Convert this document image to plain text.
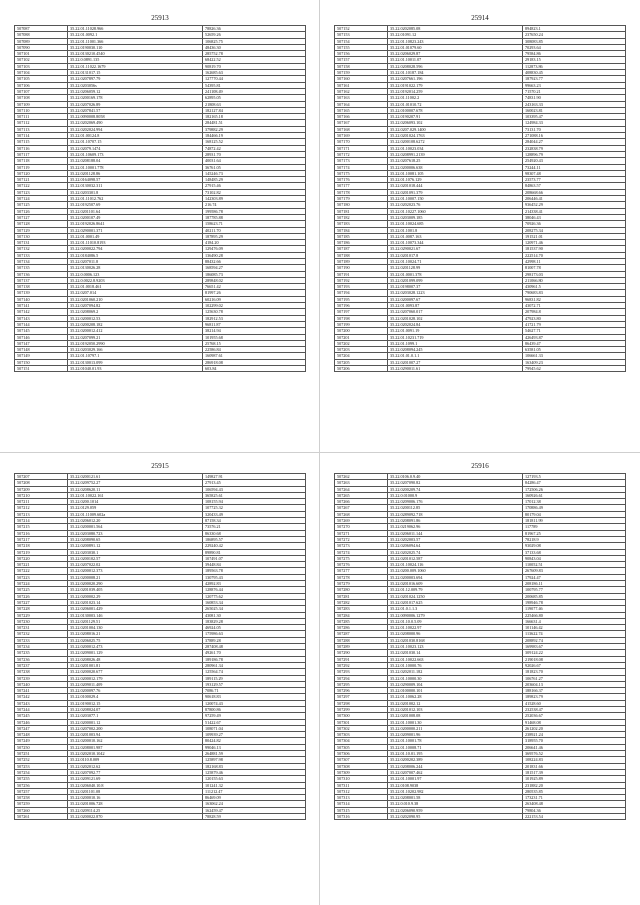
25913
507087	35.22.01.11028.966	78826.36
507088	35.22.01.0092.1	52659.26
507089	35.22.01.11001.366	106825.75
507090	35.22.0190030.110	48436.30
507101	35.22.0130210.4540	285752.78
507102	35.22.0.0891.135	68422.52
507103	35.22.01.11022.1679	90819.70
507104	35.22.0131017.15	162685.63
507105	35.22.0207897.79	127770.44
507106	35.22.0203056s	54395.81
507107	35.22.0206059.12	241108.49
507108	35.22.0200169.178	62895.05
507109	35.22.0207026.89	21808.63
507110	35.22.0207841.57	182127.84
507111	35.22.0090008.8058	182165.18
507112	35.22.0202069.490	284481.51
507113	35.22.0202024.994	379882.29
507114	35.22.01.00124.8	184466.19
507115	35.22.01.10707.15	168125.52
507116	35.22.02079.1474	74872.42
507117	35.22.01.10609.173	28931.70
507118	35.22.0208188.04	40031.64
507119	35.22.01.10001.778	36761.05
507120	35.22.0201128.86	145246.73
507121	35.22.0164098.57	148485.29
507122	35.22.0130032.311	27915.46
507123	35.22.0203301.8	73102.82
507124	35.22.01.11012.762	142303.89
507125	35.22.0192507.69	216.74
507126	35.22.0201101.64	199586.78
507127	35.22.0200107.49	187785.88
507128	35.22.0192026.8641	158623.71
507129	35.22.0290001.371	40211.70
507130	35.22.01.0001.49	187895.29
507131	35.22.01.11010.8193	4184.20
507132	35.22.0200022.794	129476.09
507133	35.22.0184086.5	136490.28
507134	35.22.0207011.8	88432.66
507135	35.22.0130026.28	168594.27
507136	35.22.0.0006.123	186085.73
507137	35.22.0.0022.8.9203	289848.02
507138	35.22.01.0018.461	76651.42
507139	35.22.0207.014	81997.26
507140	35.22.0201060.210	60216.09
507141	35.22.0207094.82	102299.02
507142	35.22.0208069.2	125630.78
507143	35.22.0200012.53	182912.53
507144	35.22.0200208.182	96811.87
507145	35.22.0200012.412	38214.94
507146	35.22.0207099.21	101955.68
507147	35.22.0192050.2990	25768.15
507148	35.22.0203029.166	22586.84
507149	35.22.01.10797.1	160987.61
507150	35.22.0130013.099	286918.08
507151	35.22.01040.01.93	603.84
25914
507152	35.22.0202085.08	894823.1
507153	35.22.01091.12	237650.24
507154	35.22.01.10823.243	308083.85
507155	35.22.01.01079.60	70293.64
507156	35.22.0206029.87	79584.86
507157	35.22.01.10011.07	29183.15
507158	35.22.0208028.596	112873.86
507159	35.22.01.10187.184	408830.45
507160	35.22.0207661.196	187923.77
507161	35.22.0191022.179	99663.23
507162	35.22.0192014.259	71570.21
507163	35.22.01.11002.2	74831.90
507164	35.22.01.01010.72	243163.33
507165	35.22.0100007.678	160023.81
507166	35.22.0190207.91	103395.47
507167	35.22.0206093.102	124984.33
507168	35.22.0207.029.1400	73131.70
507169	35.22.0201024.1763	271088.16
507170	35.22.0200108.6272	284044.27
507171	35.22.01.10023.034	232838.79
507172	35.22.0208991.2139	128896.79
507173	35.22.0207618.25	254920.43
507174	35.22.0200006.638	73244.11
507175	35.22.01.10081.105	98307.48
507176	35.22.01.1076.129	23573.77
507177	35.22.0201018.444	84863.57
507178	35.22.0201091.379	208668.66
507179	35.22.01.10007.150	206446.41
507180	35.22.0202023.76	936452.29
507181	35.22.01.10227.1060	214338.41
507182	35.22.0203009.185	38046.43
507183	35.22.01.10024.685	70926.36
507184	35.22.01.1001.8	208275.34
507185	35.22.01.0087.163	191521.01
507186	35.22.01.10073.344	120971.46
507187	35.22.0290021.67	181537.90
507188	35.22.0201017.8	222514.70
507189	35.22.01.10024.71	42998.11
507190	35.22.0201128.99	81007.78
507191	35.22.01.0001.378	298173.03
507192	35.22.0201099.099	211066.80
507193	35.22.0198007.37	430961.5
507194	35.22.0203028.1223	790683.83
507195	35.22.0200097.67	96831.82
507196	35.22.01.0093.87	43072.71
507197	35.22.0207060.017	207984.8
507198	35.22.0201028.102	47923.80
507199	35.22.0202024.84	41721.79
507200	35.22.01.0091.19	54627.71
507201	35.22.01.10231.719	426493.87
507202	35.22.01.1099.1	86439.47
507203	35.22.0208094.245	63581.05
507204	35.22.01.01.0.1.1	106661.33
507205	35.22.0201007.27	163409.23
507206	35.22.0290011.61	79945.62
25915
507207	35.22.0200121.61	149827.91
507208	35.22.0209752.27	27913.45
507209	35.22.0208620.11	106594.43
507210	35.22.01.10022.161	365825.61
507211	35.22.0200.1014	108155.94
507212	35.22.0129.059	107725.32
507213	35.22.01.11009.602a	320433.49
507214	35.22.0206012.20	87158.34
507215	35.22.0200001.564	73576.21
507216	35.22.0203080.723	86330.68
507217	35.22.0208090.65	186895.57
507218	35.22.0200891.12	229240.42
507219	35.22.0203030.1	89890.81
507220	35.22.0200102.57	107491.07
507221	35.22.0207022.02	39448.84
507222	35.22.0200012.373	189563.78
507223	35.22.0200008.21	130795.43
507224	35.22.0200020.290	42892.83
507225	35.22.0201039.405	128876.44
507226	35.22.0200002.29	120775.62
507227	35.22.0201023.14	160853.34
507228	35.22.0206001.429	265025.34
507229	35.22.0130003.146	43081.30
507230	35.22.0201129.51	183829.28
507231	35.22.0201004.130	46924.05
507232	35.22.0208016.21	175986.63
507233	35.22.0206025.75	37889.28
507234	35.22.0200012.473	287408.48
507235	35.22.0209001.129	49261.70
507236	35.22.0208026.48	189186.78
507237	35.22.0201001.81	280961.34
507238	35.22.0200020.677	125564.74
507239	35.22.0200012.179	189115.29
507240	35.22.0209011.409	193129.57
507241	35.22.0200097.76	7086.71
507242	35.22.0100029.4	90618.83
507243	35.22.0190012.15	120074.43
507244	35.22.0208024.07	87800.86
507245	35.22.0203077.1	97259.49
507246	35.22.0200001.12	51422.67
507247	35.22.0207002.200	108071.04
507248	35.22.0201003.94	109939.27
507249	35.22.0200010.162	80424.82
507250	35.22.0208001.987	99046.13
507251	35.22.0202010.1042	264881.59
507252	35.22.0110.8.009	125897.98
507253	35.22.0202012.62	182168.83
507254	35.22.0207092.77	125879.46
507255	35.22.0209121.69	120155.63
507256	35.22.0206040.10.8	101241.32
507257	35.22.0201101.08	111212.47
507258	35.22.0200010.16	86469.09
507259	35.22.0201006.728	163062.24
507260	35.22.0209114.25	162459.47
507261	35.22.0200022.870	78828.59
25916
507262	35.22.0106.0.9.40	127193.5
507263	35.22.0207090.82	84286.47
507264	35.22.0200209.74	172506.26
507265	35.22.0.01000.9	160926.61
507266	35.22.0209006.176	17012.38
507267	35.22.0200112.85	170886.49
507268	35.22.0289092.718	80179.04
507269	35.22.0208091.86	181811.99
507270	35.22.0219062.96	117789
507271	35.22.0206011.144	81967.25
507272	35.22.0202003.57	78218.9
507273	35.22.0206094.64	93029.08
507274	35.22.0202025.74	37133.68
507275	35.22.0201012.587	90843.04
507276	35.22.01.10024.116	110052.51
507277	35.22.0200.009.1060	267609.83
507278	35.22.0200003.694	17924.47
507279	35.22.0201016.609	208186.11
507280	35.22.01.12.009.79	100795.77
507281	35.22.0201024.1250	200685.85
507282	35.22.0201017.625	198946.78
507283	35.22.01.0.1.1.3	119077.46
507284	35.22.0090006.1279	225466.80
507285	35.22.01.10.0.5.09	166631.4
507286	35.22.01.10022.97	101146.42
507287	35.22.0208000.96	113622.74
507288	35.22.0201030.8168	208892.74
507289	35.22.01.10023.123	169983.67
507290	35.22.0201030.14	309124.22
507291	35.22.01.10022.663	219018.08
507292	35.22.01.10000.76	92026.67
507293	35.22.0202011.182	181823.70
507294	35.22.01.10000.30	106761.27
507295	35.22.0290009.104	203604.13
507296	35.22.0100000.101	188166.37
507297	35.22.01.10062.28	189823.79
507298	35.22.0201002.12	41528.60
507299	35.22.0201012.103	232538.47
507300	35.22.0201008.08	252036.67
507301	35.22.01.10001.30	91468.08
507302	35.22.0200000.211	261202.20
507303	35.22.0209001.96	238921.24
507304	35.22.01.10001.78	318955.70
507305	35.22.01.10008.71	206641.46
507306	35.22.01.10.01.195	369576.52
507307	35.22.0200202.389	108224.83
507308	35.22.0208006.244	201831.66
507309	35.22.0207007.462	181517.39
507310	35.22.01.10001.97	101925.89
507311	35.22.0108.9038	231882.20
507312	35.22.01.10202.982	280535.85
507313	35.22.0208001.58	173231.71
507314	35.22.0.010.9.38	263408.48
507315	35.22.0206090.959	79804.36
507316	35.22.0202090.95	222153.54
